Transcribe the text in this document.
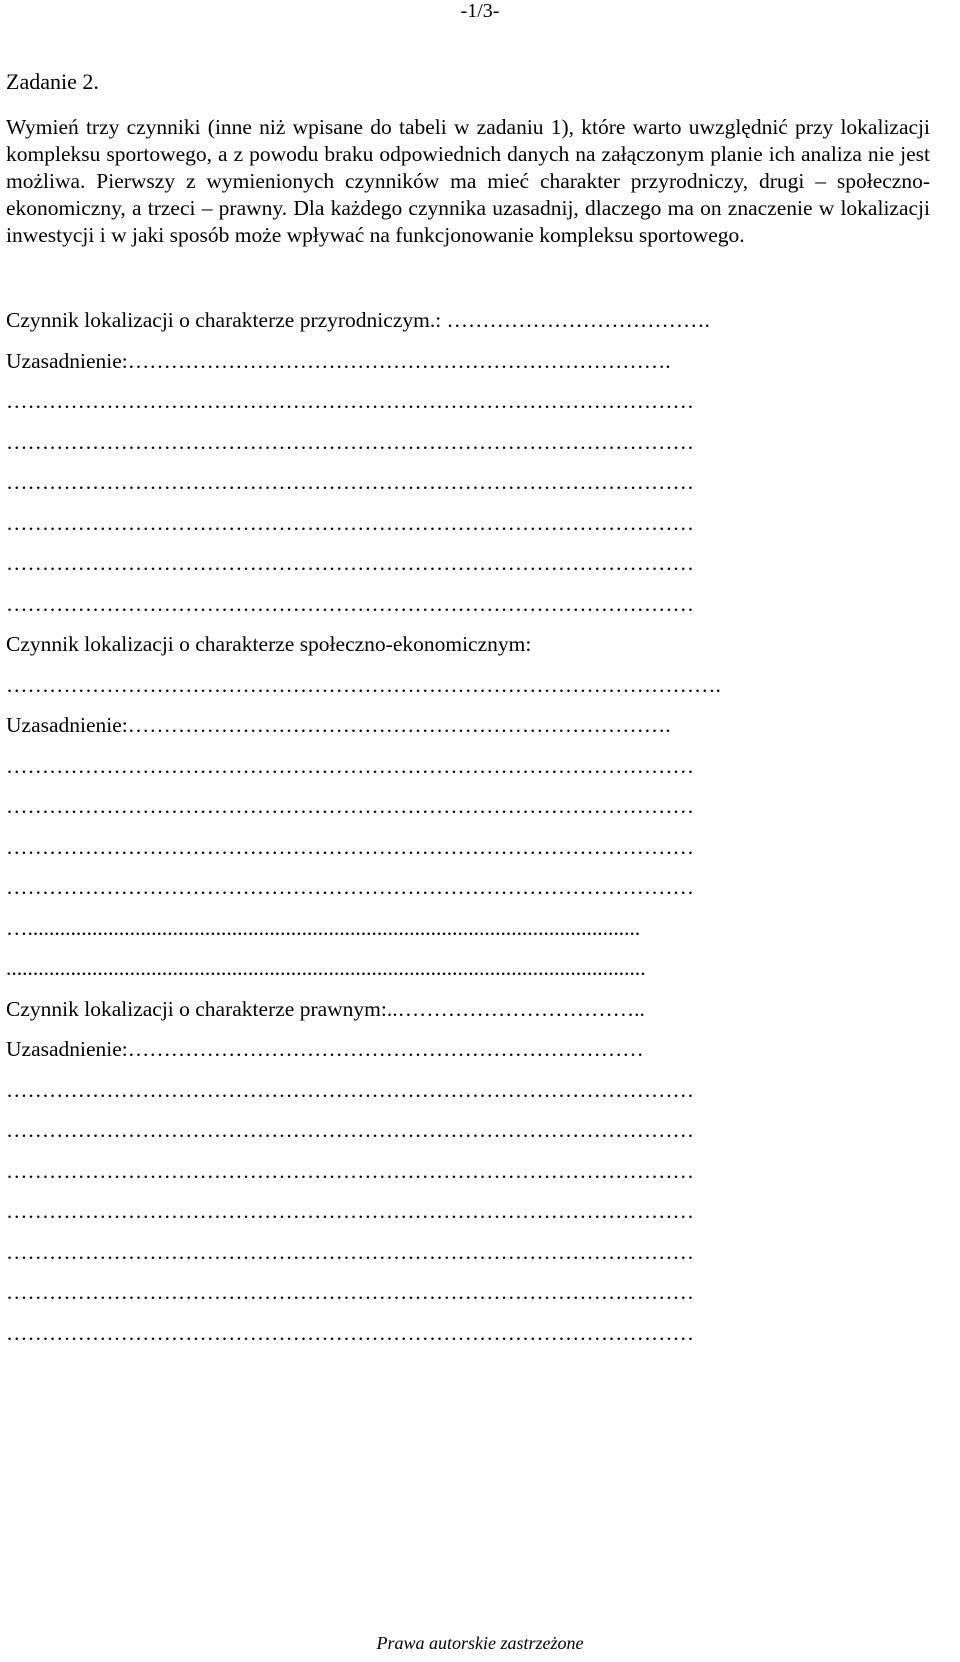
-1/3-

Zadanie 2.

Wymień trzy czynniki (inne niż wpisane do tabeli w zadaniu 1), które warto uwzględnić przy lokalizacji kompleksu sportowego, a z powodu braku odpowiednich danych na załączonym planie ich analiza nie jest możliwa. Pierwszy z wymienionych czynników ma mieć charakter przyrodniczy, drugi – społeczno-ekonomiczny, a trzeci – prawny. Dla każdego czynnika uzasadnij, dlaczego ma on znaczenie w lokalizacji inwestycji i w jaki sposób może wpływać na funkcjonowanie kompleksu sportowego.
Czynnik lokalizacji o charakterze przyrodniczym.: ……………………………….
Uzasadnienie:………………………………………………………………….
……………………………………………………………………………………
……………………………………………………………………………………
……………………………………………………………………………………
……………………………………………………………………………………
……………………………………………………………………………………
……………………………………………………………………………………
Czynnik lokalizacji o charakterze społeczno-ekonomicznym:
……………………………………………………………………………………….
Uzasadnienie:………………………………………………………………….
……………………………………………………………………………………
……………………………………………………………………………………
……………………………………………………………………………………
……………………………………………………………………………………
…..................................................................................................................
.......................................................................................................................
Czynnik lokalizacji o charakterze prawnym:..……………………………..
Uzasadnienie:………………………………………………………………
……………………………………………………………………………………
……………………………………………………………………………………
……………………………………………………………………………………
……………………………………………………………………………………
……………………………………………………………………………………
……………………………………………………………………………………
……………………………………………………………………………………
Prawa autorskie zastrzeżone
